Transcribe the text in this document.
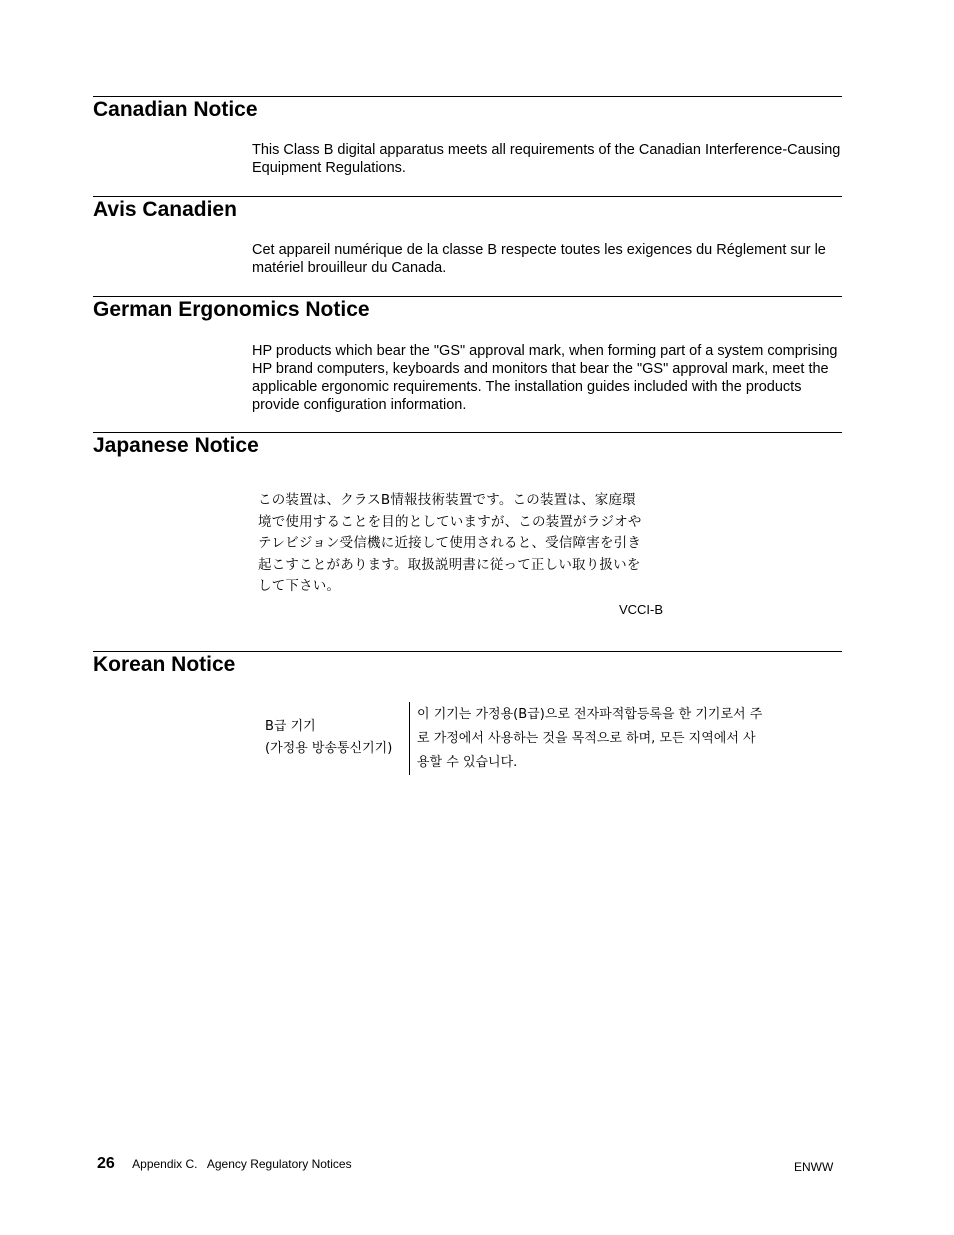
Canadian Notice

This Class B digital apparatus meets all requirements of the Canadian Interference-Causing Equipment Regulations.

Avis Canadien

Cet appareil numérique de la classe B respecte toutes les exigences du Réglement sur le matériel brouilleur du Canada.

German Ergonomics Notice

HP products which bear the "GS" approval mark, when forming part of a system comprising HP brand computers, keyboards and monitors that bear the "GS" approval mark, meet the applicable ergonomic requirements. The installation guides included with the products provide configuration information.

Japanese Notice
この装置は、クラスB情報技術装置です。この装置は、家庭環
境で使用することを目的としていますが、この装置がラジオや
テレビジョン受信機に近接して使用されると、受信障害を引き
起こすことがあります。取扱説明書に従って正しい取り扱いを
して下さい。
VCCI-B
Korean Notice
B급 기기
(가정용 방송통신기기)
이 기기는 가정용(B급)으로 전자파적합등록을 한 기기로서 주
로 가정에서 사용하는 것을 목적으로 하며, 모든 지역에서 사
용할 수 있습니다.
26 Appendix C.   Agency Regulatory Notices	ENWW
